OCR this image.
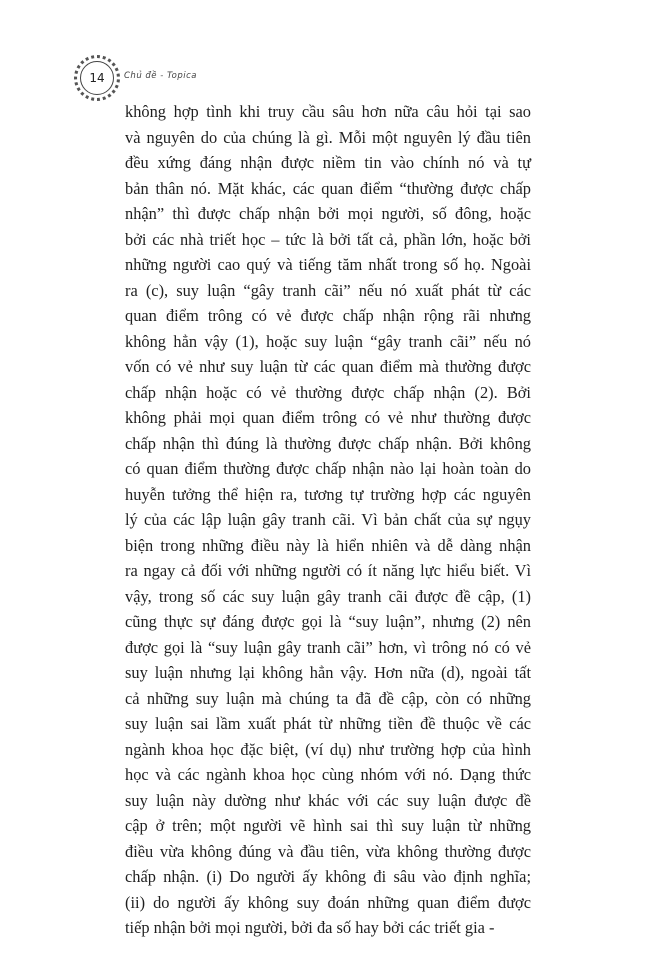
14	Chủ đề - Topica
không hợp tình khi truy cầu sâu hơn nữa câu hỏi tại sao
và nguyên do của chúng là gì. Mỗi một nguyên lý đầu tiên
đều xứng đáng nhận được niềm tin vào chính nó và tự
bản thân nó. Mặt khác, các quan điểm “thường được chấp
nhận” thì được chấp nhận bởi mọi người, số đông, hoặc
bởi các nhà triết học – tức là bởi tất cả, phần lớn, hoặc bởi
những người cao quý và tiếng tăm nhất trong số họ. Ngoài
ra (c), suy luận “gây tranh cãi” nếu nó xuất phát từ các
quan điểm trông có vẻ được chấp nhận rộng rãi nhưng
không hẳn vậy (1), hoặc suy luận “gây tranh cãi” nếu nó
vốn có vẻ như suy luận từ các quan điểm mà thường được
chấp nhận hoặc có vẻ thường được chấp nhận (2). Bởi
không phải mọi quan điểm trông có vẻ như thường được
chấp nhận thì đúng là thường được chấp nhận. Bởi không
có quan điểm thường được chấp nhận nào lại hoàn toàn do
huyễn tưởng thể hiện ra, tương tự trường hợp các nguyên
lý của các lập luận gây tranh cãi. Vì bản chất của sự ngụy
biện trong những điều này là hiển nhiên và dễ dàng nhận
ra ngay cả đối với những người có ít năng lực hiểu biết. Vì
vậy, trong số các suy luận gây tranh cãi được đề cập, (1)
cũng thực sự đáng được gọi là “suy luận”, nhưng (2) nên
được gọi là “suy luận gây tranh cãi” hơn, vì trông nó có vẻ
suy luận nhưng lại không hẳn vậy. Hơn nữa (d), ngoài tất
cả những suy luận mà chúng ta đã đề cập, còn có những
suy luận sai lầm xuất phát từ những tiền đề thuộc về các
ngành khoa học đặc biệt, (ví dụ) như trường hợp của hình
học và các ngành khoa học cùng nhóm với nó. Dạng thức
suy luận này dường như khác với các suy luận được đề
cập ở trên; một người vẽ hình sai thì suy luận từ những
điều vừa không đúng và đầu tiên, vừa không thường được
chấp nhận. (i) Do người ấy không đi sâu vào định nghĩa;
(ii) do người ấy không suy đoán những quan điểm được
tiếp nhận bởi mọi người, bởi đa số hay bởi các triết gia -
